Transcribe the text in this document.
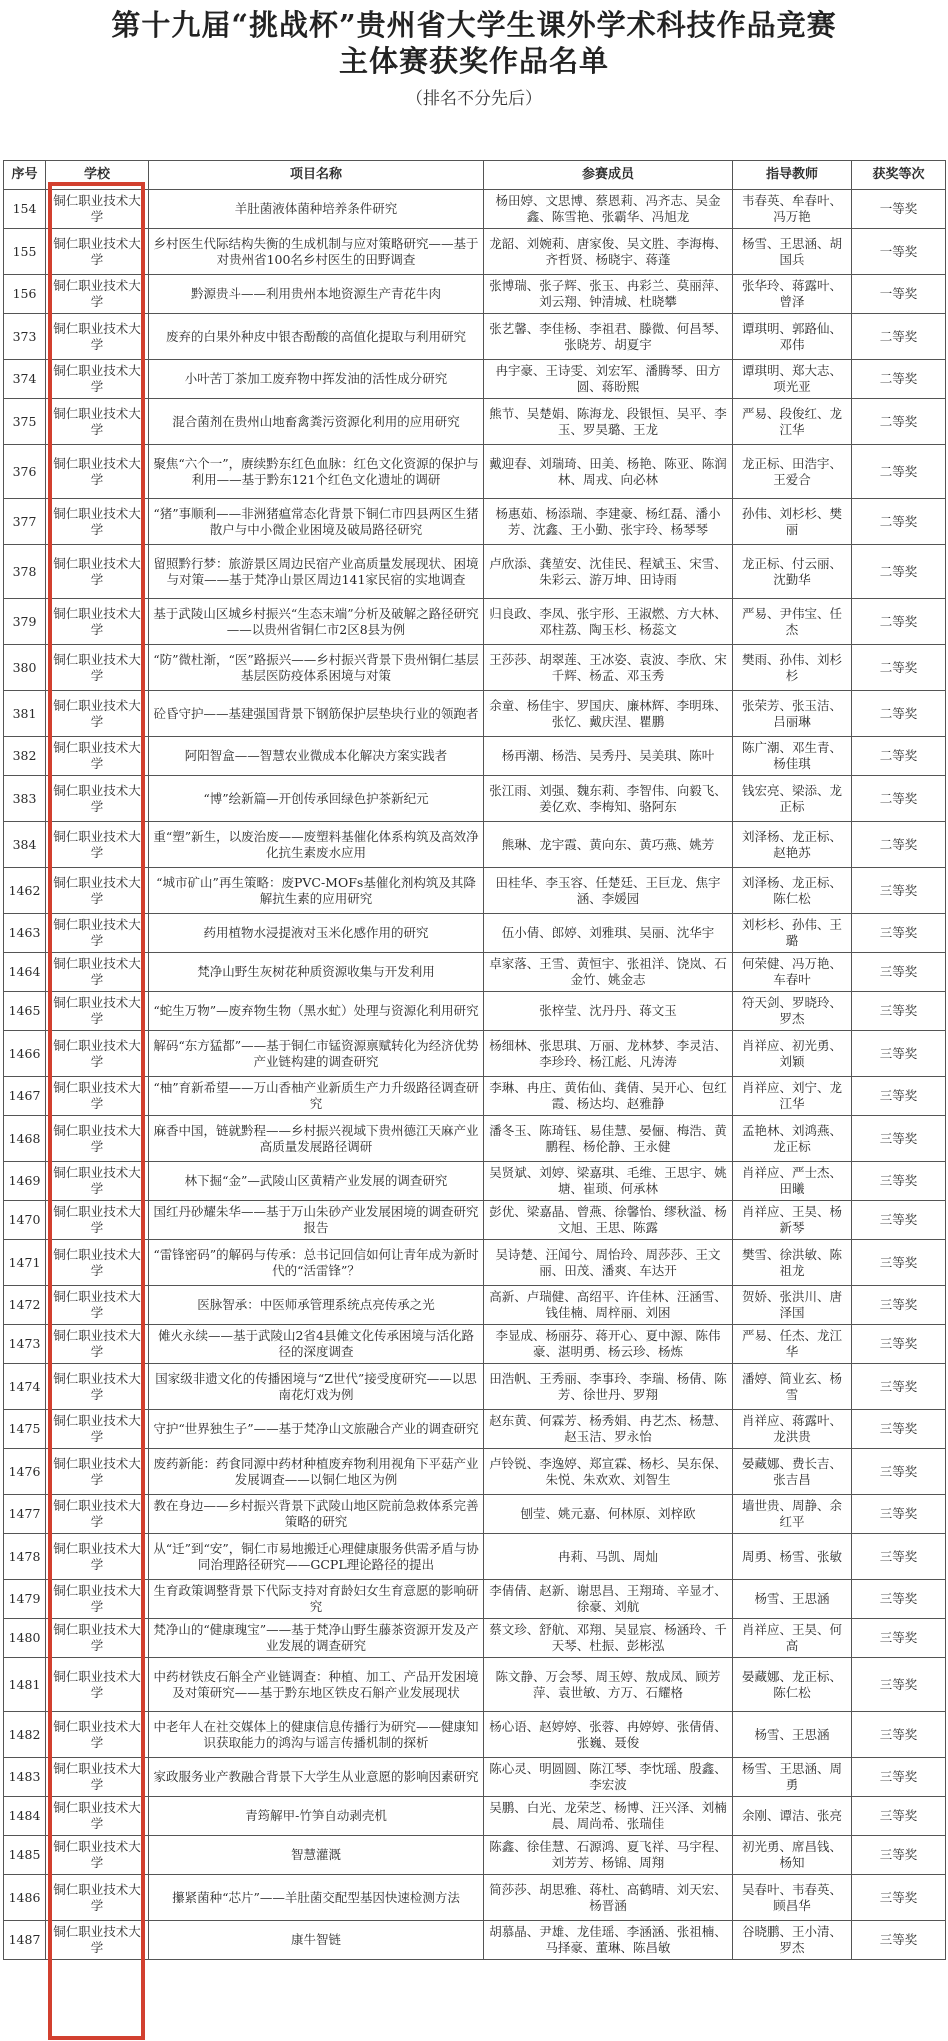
第十九届“挑战杯”贵州省大学生课外学术科技作品竞赛
主体赛获奖作品名单
（排名不分先后）
序号	学校	项目名称	参赛成员	指导教师	获奖等次
154	铜仁职业技术大学	羊肚菌液体菌种培养条件研究	杨田婷、文思博、蔡恩莉、冯齐志、吴金鑫、陈雪艳、张霸华、冯旭龙	韦春英、牟春叶、冯万艳	一等奖
155	铜仁职业技术大学	乡村医生代际结构失衡的生成机制与应对策略研究——基于对贵州省100名乡村医生的田野调查	龙韶、刘婉莉、唐家俊、吴文胜、李海梅、齐哲贤、杨晓宇、蒋蓬	杨雪、王思涵、胡国兵	一等奖
156	铜仁职业技术大学	黔源贵斗——利用贵州本地资源生产青花牛肉	张博瑞、张子辉、张玉、冉彩兰、莫丽萍、刘云翔、钟清城、杜晓攀	张华玲、蒋露叶、曾泽	一等奖
373	铜仁职业技术大学	废弃的白果外种皮中银杏酚酸的高值化提取与利用研究	张艺馨、李佳杨、李祖君、滕微、何昌琴、张晓芳、胡夏宇	谭琪明、郭路仙、邓伟	二等奖
374	铜仁职业技术大学	小叶苦丁茶加工废弃物中挥发油的活性成分研究	冉宇豪、王诗雯、刘宏军、潘腾琴、田方圆、蒋盼熙	谭琪明、郑大志、项光亚	二等奖
375	铜仁职业技术大学	混合菌剂在贵州山地畜禽粪污资源化利用的应用研究	熊节、吴楚娟、陈海龙、段银恒、吴平、李玉、罗昊璐、王龙	严易、段俊红、龙江华	二等奖
376	铜仁职业技术大学	聚焦“六个一”，赓续黔东红色血脉：红色文化资源的保护与利用——基于黔东121个红色文化遗址的调研	戴迎春、刘瑞琦、田美、杨艳、陈亚、陈润林、周戎、向必林	龙正标、田浩宇、王爱合	二等奖
377	铜仁职业技术大学	“猪”事顺利——非洲猪瘟常态化背景下铜仁市四县两区生猪散户与中小微企业困境及破局路径研究	杨惠茹、杨添瑞、李建豪、杨红磊、潘小芳、沈鑫、王小勤、张宇玲、杨琴琴	孙伟、刘杉杉、樊丽	二等奖
378	铜仁职业技术大学	留照黔行梦：旅游景区周边民宿产业高质量发展现状、困境与对策——基于梵净山景区周边141家民宿的实地调查	卢欣添、龚堃安、沈佳民、程斌玉、宋雪、朱彩云、游万坤、田诗雨	龙正标、付云丽、沈勤华	二等奖
379	铜仁职业技术大学	基于武陵山区城乡村振兴“生态末端”分析及破解之路径研究——以贵州省铜仁市2区8县为例	归良政、李凤、张宇形、王淑燃、方大林、邓柱荔、陶玉杉、杨蕊文	严易、尹伟宝、任杰	二等奖
380	铜仁职业技术大学	“防”微杜渐，“医”路振兴——乡村振兴背景下贵州铜仁基层基层医防疫体系困境与对策	王莎莎、胡翠莲、王冰姿、袁波、李欣、宋千辉、杨孟、邓玉秀	樊雨、孙伟、刘杉杉	二等奖
381	铜仁职业技术大学	砼昏守护——基建强国背景下钢筋保护层垫块行业的领跑者	余童、杨佳宇、罗国庆、廉林辉、李明珠、张忆、戴庆涅、瞿鹏	张荣芳、张玉洁、吕丽琳	二等奖
382	铜仁职业技术大学	阿阳智盒——智慧农业微成本化解决方案实践者	杨再潮、杨浩、吴秀丹、吴美琪、陈叶	陈广潮、邓生青、杨佳琪	二等奖
383	铜仁职业技术大学	“博”绘新篇—开创传承回绿色护茶新纪元	张江雨、刘强、魏东莉、李智伟、向毅飞、姜亿欢、李梅知、骆阿东	钱宏亮、梁添、龙正标	二等奖
384	铜仁职业技术大学	重“塑”新生，以废治废——废塑料基催化体系构筑及高效净化抗生素废水应用	熊琳、龙宇霞、黄向东、黄巧燕、姚芳	刘泽杨、龙正标、赵艳苏	二等奖
1462	铜仁职业技术大学	“城市矿山”再生策略：废PVC-MOFs基催化剂构筑及其降解抗生素的应用研究	田桂华、李玉容、任楚廷、王巨龙、焦宇涵、李媛园	刘泽杨、龙正标、陈仁松	三等奖
1463	铜仁职业技术大学	药用植物水浸提液对玉米化感作用的研究	伍小倩、郎婷、刘雅琪、吴丽、沈华宇	刘杉杉、孙伟、王璐	三等奖
1464	铜仁职业技术大学	梵净山野生灰树花种质资源收集与开发利用	卓家落、王雪、黄恒宇、张祖洋、饶岚、石金竹、姚金志	何荣健、冯万艳、车春叶	三等奖
1465	铜仁职业技术大学	“蛇生万物”—废弃物生物（黑水虻）处理与资源化利用研究	张梓莹、沈丹丹、蒋文玉	符天剑、罗晓玲、罗杰	三等奖
1466	铜仁职业技术大学	解码“东方猛都”——基于铜仁市锰资源禀赋转化为经济优势产业链构建的调查研究	杨细林、张思琪、万丽、龙林梦、李灵洁、李珍玲、杨江彪、凡涛涛	肖祥应、初光勇、刘颖	三等奖
1467	铜仁职业技术大学	“柚”育新希望——万山香柚产业新质生产力升级路径调查研究	李琳、冉庄、黄佑仙、龚倩、吴开心、包红霞、杨达均、赵雅静	肖祥应、刘宁、龙江华	三等奖
1468	铜仁职业技术大学	麻香中国，链就黔程——乡村振兴视域下贵州德江天麻产业高质量发展路径调研	潘冬玉、陈琦钰、易佳慧、晏俪、梅浩、黄鹏程、杨伦静、王永健	孟艳林、刘鸿燕、龙正标	三等奖
1469	铜仁职业技术大学	林下掘“金”—武陵山区黄精产业发展的调查研究	吴贤斌、刘婷、梁嘉琪、毛维、王思宇、姚塘、崔琐、何承林	肖祥应、严士杰、田曦	三等奖
1470	铜仁职业技术大学	国红丹砂耀朱华——基于万山朱砂产业发展困境的调查研究报告	彭优、梁嘉晶、曾燕、徐馨怡、缪秋溢、杨文旭、王思、陈露	肖祥应、王昊、杨新琴	三等奖
1471	铜仁职业技术大学	“雷锋密码”的解码与传承：总书记回信如何让青年成为新时代的“活雷锋”？	吴诗楚、汪闻兮、周怡玲、周莎莎、王文丽、田茂、潘爽、车达开	樊雪、徐洪敏、陈祖龙	三等奖
1472	铜仁职业技术大学	医脉智承：中医师承管理系统点亮传承之光	高新、卢瑞健、高绍平、许佳林、汪涵雪、钱佳楠、周梓丽、刘困	贺娇、张洪川、唐泽国	三等奖
1473	铜仁职业技术大学	傩火永续——基于武陵山2省4县傩文化传承困境与活化路径的深度调查	李显成、杨丽芬、蒋开心、夏中源、陈伟豪、湛明勇、杨云珍、杨炼	严易、任杰、龙江华	三等奖
1474	铜仁职业技术大学	国家级非遗文化的传播困境与“Z世代”接受度研究——以思南花灯戏为例	田浩帆、王秀丽、李事玲、李瑞、杨倩、陈芳、徐世丹、罗翔	潘婷、简业玄、杨雪	三等奖
1475	铜仁职业技术大学	守护“世界独生子”——基于梵净山文旅融合产业的调查研究	赵东黄、何霖芳、杨秀娟、冉艺杰、杨慧、赵玉洁、罗永怡	肖祥应、蒋露叶、龙洪贵	三等奖
1476	铜仁职业技术大学	废药新能：药食同源中药材种植废弃物利用视角下平菇产业发展调查——以铜仁地区为例	卢铃锐、李逸婷、郑宣霖、杨杉、吴东保、朱悦、朱欢欢、刘智生	晏藏娜、费长吉、张吉昌	三等奖
1477	铜仁职业技术大学	教在身边——乡村振兴背景下武陵山地区院前急救体系完善策略的研究	刨莹、姚元嘉、何林原、刘梓欧	墙世贵、周静、余红平	三等奖
1478	铜仁职业技术大学	从“迁”到“安”，铜仁市易地搬迁心理健康服务供需矛盾与协同治理路径研究——GCPL理论路径的提出	冉莉、马凯、周灿	周勇、杨雪、张敏	三等奖
1479	铜仁职业技术大学	生育政策调整背景下代际支持对育龄妇女生育意愿的影响研究	李倩倩、赵新、谢思昌、王翔琦、辛显才、徐豪、刘航	杨雪、王思涵	三等奖
1480	铜仁职业技术大学	梵净山的“健康瑰宝”——基于梵净山野生藤茶资源开发及产业发展的调查研究	蔡文珍、舒航、邓翔、吴显宸、杨涵玲、千天琴、杜振、彭彬泓	肖祥应、王昊、何高	三等奖
1481	铜仁职业技术大学	中药材铁皮石斛全产业链调查：种植、加工、产品开发困境及对策研究——基于黔东地区铁皮石斛产业发展现状	陈文静、万会琴、周玉婷、敖成凤、顾芳萍、袁世敏、方万、石耀格	晏藏娜、龙正标、陈仁松	三等奖
1482	铜仁职业技术大学	中老年人在社交媒体上的健康信息传播行为研究——健康知识获取能力的鸿沟与谣言传播机制的探析	杨心语、赵婷婷、张蓉、冉婷婷、张倩倩、张巍、聂俊	杨雪、王思涵	三等奖
1483	铜仁职业技术大学	家政服务业产教融合背景下大学生从业意愿的影响因素研究	陈心灵、明圆圆、陈江琴、李忱瑶、殷鑫、李宏波	杨雪、王思涵、周勇	三等奖
1484	铜仁职业技术大学	青筠解甲-竹笋自动剥壳机	吴鹏、白光、龙荣芝、杨博、汪兴泽、刘楠晨、周尚希、张瑞佳	余刚、谭洁、张亮	三等奖
1485	铜仁职业技术大学	智慧灌溉	陈鑫、徐佳慧、石源鸿、夏飞祥、马宇程、刘芳芳、杨锦、周翔	初光勇、席昌钱、杨知	三等奖
1486	铜仁职业技术大学	攥紧菌种“芯片”——羊肚菌交配型基因快速检测方法	简莎莎、胡思雅、蒋杜、高鹤晴、刘天宏、杨晋涵	吴春叶、韦春英、顾昌华	三等奖
1487	铜仁职业技术大学	康牛智链	胡慕晶、尹雄、龙佳瑶、李涵涵、张祖楠、马择豪、董琳、陈昌敏	谷晓鹏、王小清、罗杰	三等奖
